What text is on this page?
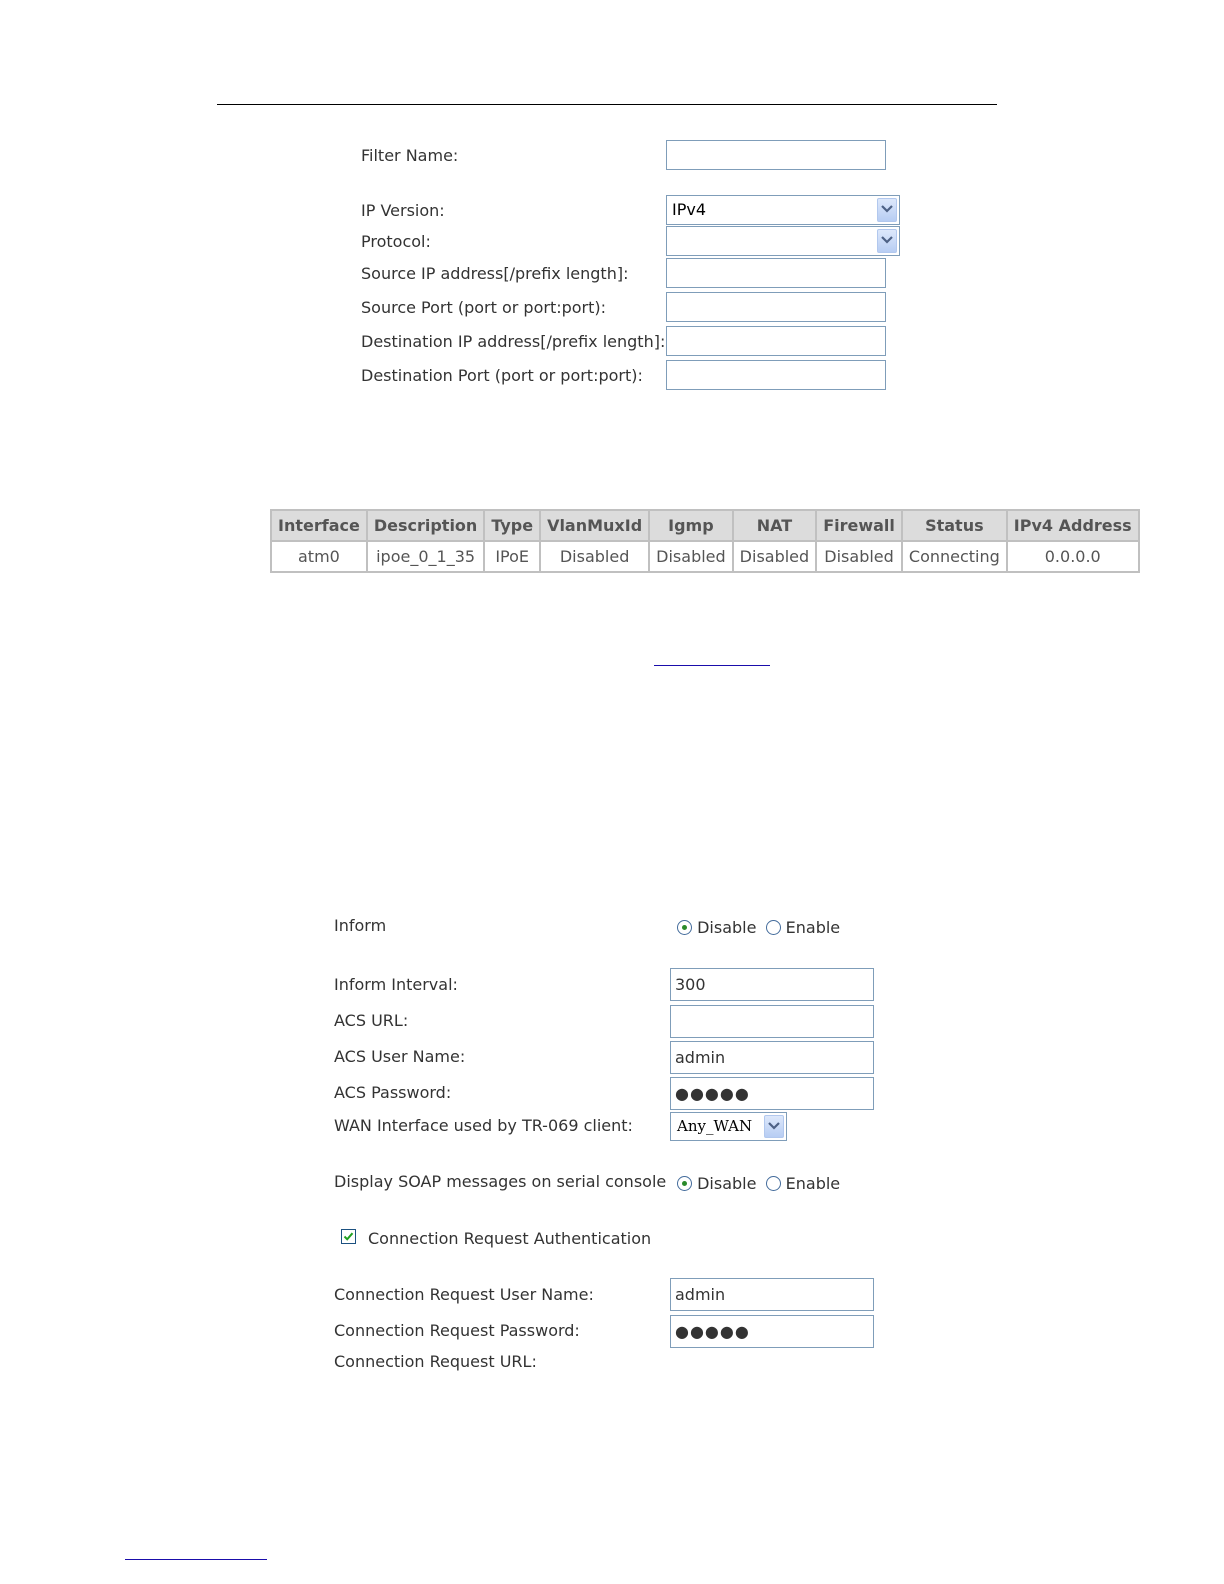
Filter Name:
IP Version:	IPv4
Protocol:
Source IP address[/prefix length]:
Source Port (port or port:port):
Destination IP address[/prefix length]:
Destination Port (port or port:port):
Interface	Description	Type	VlanMuxId	Igmp	NAT	Firewall	Status	IPv4 Address
atm0	ipoe_0_1_35	IPoE	Disabled	Disabled	Disabled	Disabled	Connecting	0.0.0.0
Inform	Disable Enable
Inform Interval:
300
ACS URL:
ACS User Name:
admin
ACS Password:
●●●●●
WAN Interface used by TR-069 client:	Any_WAN
Display SOAP messages on serial console	Disable Enable
Connection Request Authentication
Connection Request User Name:
admin
Connection Request Password:
●●●●●
Connection Request URL:
